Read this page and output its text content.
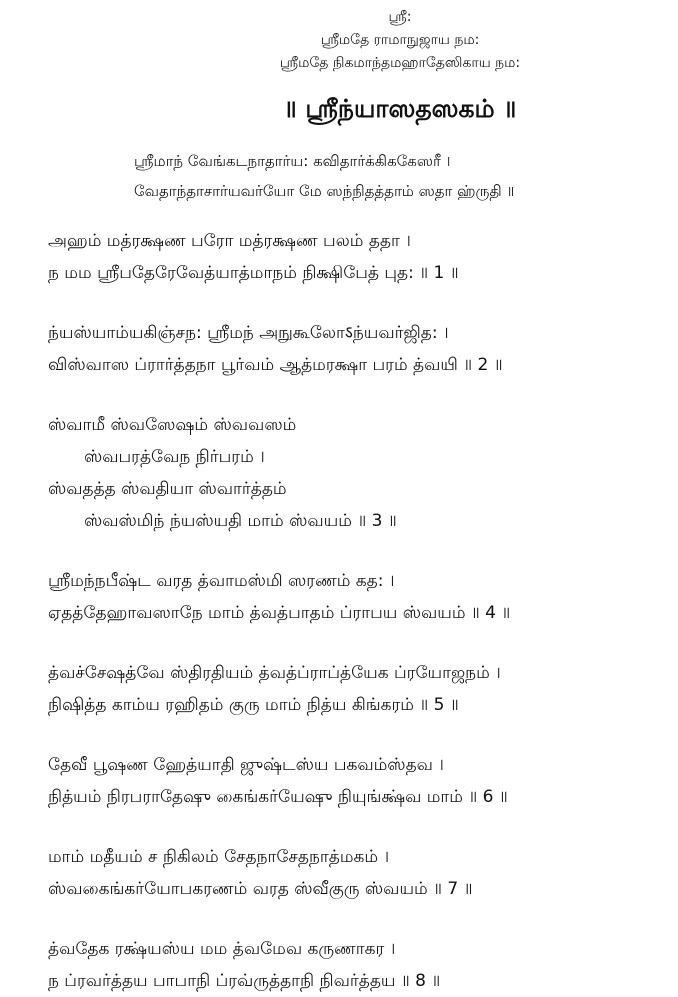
ஸ்ரீ:
ஸ்ரீமதே ராமாநுஜாய நம:
ஸ்ரீமதே நிகமாந்தமஹாதேஸிகாய நம:
॥ ஸ்ரீந்யாஸதஸகம் ॥
ஸ்ரீமாந் வேங்கடநாதார்ய: கவிதார்க்கிககேஸரீ ।
வேதாந்தாசார்யவர்யோ மே ஸந்நிதத்தாம் ஸதா ஹ்ருதி ॥
அஹம் மத்ரக்ஷண பரோ மத்ரக்ஷண பலம் ததா ।
ந மம ஸ்ரீபதேரேவேத்யாத்மாநம் நிக்ஷிபேத் புத: ॥ 1 ॥
ந்யஸ்யாம்யகிஞ்சந: ஸ்ரீமந் அநுகூலோऽந்யவர்ஜித: ।
விஸ்வாஸ ப்ரார்த்தநா பூர்வம் ஆத்மரக்ஷா பரம் த்வயி ॥ 2 ॥
ஸ்வாமீ ஸ்வஸேஷம் ஸ்வவஸம்
ஸ்வபரத்வேந நிர்பரம் ।
ஸ்வதத்த ஸ்வதியா ஸ்வார்த்தம்
ஸ்வஸ்மிந் ந்யஸ்யதி மாம் ஸ்வயம் ॥ 3 ॥
ஸ்ரீமந்நபீஷ்ட வரத த்வாமஸ்மி ஸரணம் கத: ।
ஏதத்தேஹாவஸாநே மாம் த்வத்பாதம் ப்ராபய ஸ்வயம் ॥ 4 ॥
த்வச்சேஷத்வே ஸ்திரதியம் த்வத்ப்ராப்த்யேக ப்ரயோஜநம் ।
நிஷித்த காம்ய ரஹிதம் குரு மாம் நித்ய கிங்கரம் ॥ 5 ॥
தேவீ பூஷண ஹேத்யாதி ஜுஷ்டஸ்ய பகவம்ஸ்தவ ।
நித்யம் நிரபராதேஷு கைங்கர்யேஷு நியுங்க்ஷ்வ மாம் ॥ 6 ॥
மாம் மதீயம் ச நிகிலம் சேதநாசேதநாத்மகம் ।
ஸ்வகைங்கர்யோபகரணம் வரத ஸ்வீகுரு ஸ்வயம் ॥ 7 ॥
த்வதேக ரக்ஷ்யஸ்ய மம த்வமேவ கருணாகர ।
ந ப்ரவர்த்தய பாபாநி ப்ரவ்ருத்தாநி நிவர்த்தய ॥ 8 ॥
